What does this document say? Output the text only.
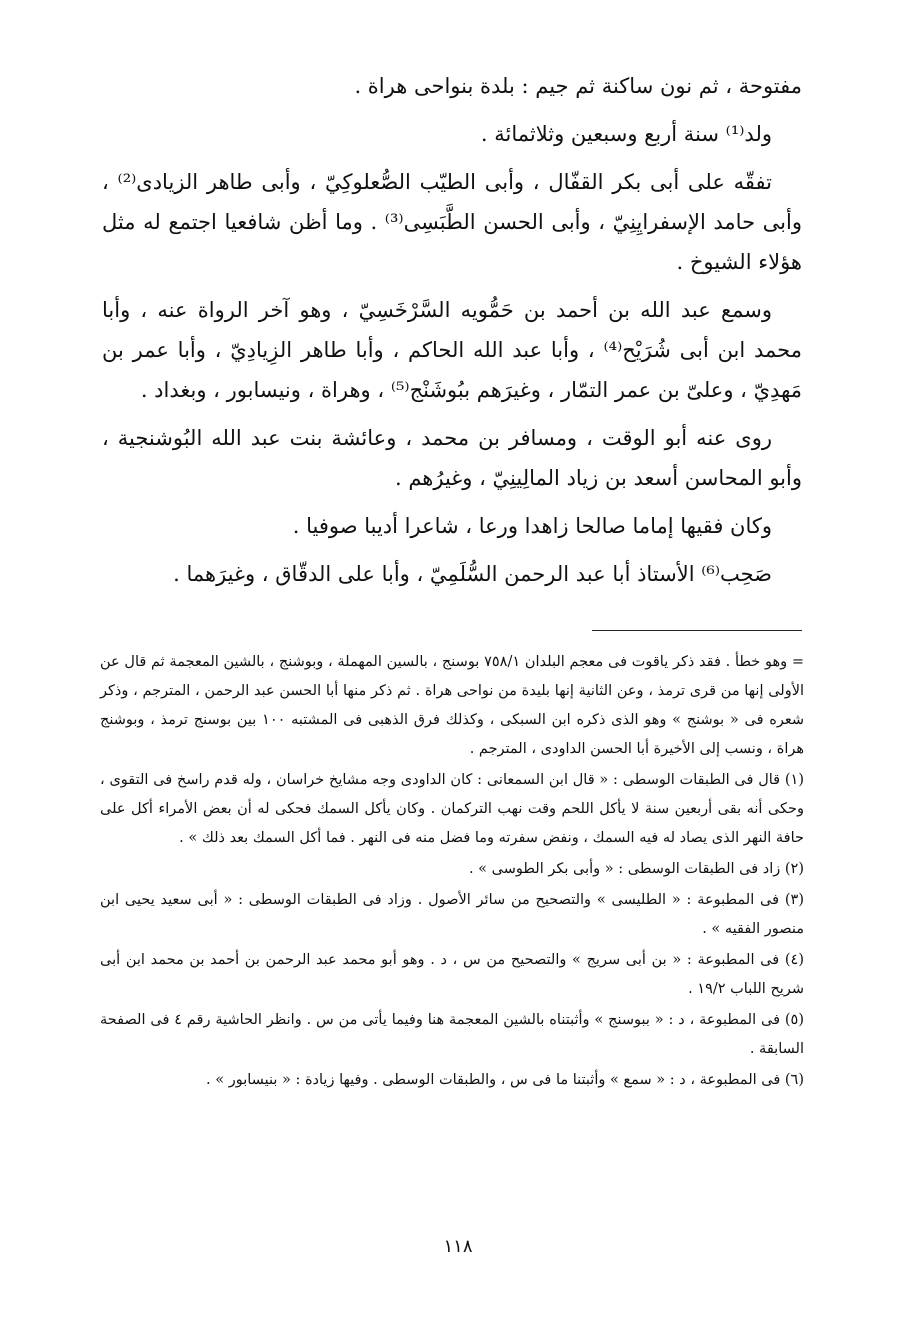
مفتوحة ، ثم نون ساكنة ثم جيم : بلدة بنواحى هراة .

ولد⁽¹⁾ سنة أربع وسبعين وثلاثمائة .

تفقّه على أبى بكر القفّال ، وأبى الطيّب الصُّعلوكِيّ ، وأبى طاهر الزيادى⁽²⁾ ، وأبى حامد الإسفرايِنِيّ ، وأبى الحسن الطَّبَسِى⁽³⁾ . وما أظن شافعيا اجتمع له مثل هؤلاء الشيوخ .

وسمع عبد الله بن أحمد بن حَمُّويه السَّرْخَسِيّ ، وهو آخر الرواة عنه ، وأبا محمد ابن أبى شُرَيْح⁽⁴⁾ ، وأبا عبد الله الحاكم ، وأبا طاهر الزِيادِيّ ، وأبا عمر بن مَهدِيّ ، وعلىّ بن عمر التمّار ، وغيرَهم ببُوشَنْج⁽⁵⁾ ، وهراة ، ونيسابور ، وبغداد .

روى عنه أبو الوقت ، ومسافر بن محمد ، وعائشة بنت عبد الله البُوشنجية ، وأبو المحاسن أسعد بن زياد المالِينِيّ ، وغيرُهم .

وكان فقيها إماما صالحا زاهدا ورعا ، شاعرا أديبا صوفيا .

صَحِب⁽⁶⁾ الأستاذ أبا عبد الرحمن السُّلَمِيّ ، وأبا على الدقّاق ، وغيرَهما .

= وهو خطأ . فقد ذكر ياقوت فى معجم البلدان ٧٥٨/١ بوسنج ، بالسين المهملة ، وبوشنج ، بالشين المعجمة ثم قال عن الأولى إنها من قرى ترمذ ، وعن الثانية إنها بليدة من نواحى هراة . ثم ذكر منها أبا الحسن عبد الرحمن ، المترجم ، وذكر شعره فى « بوشنج » وهو الذى ذكره ابن السبكى ، وكذلك فرق الذهبى فى المشتبه ١٠٠ بين بوسنج ترمذ ، وبوشنج هراة ، ونسب إلى الأخيرة أبا الحسن الداودى ، المترجم .

(١) قال فى الطبقات الوسطى : « قال ابن السمعانى : كان الداودى وجه مشايخ خراسان ، وله قدم راسخ فى التقوى ، وحكى أنه بقى أربعين سنة لا يأكل اللحم وقت نهب التركمان . وكان يأكل السمك فحكى له أن بعض الأمراء أكل على حافة النهر الذى يصاد له فيه السمك ، ونفض سفرته وما فضل منه فى النهر . فما أكل السمك بعد ذلك » .

(٢) زاد فى الطبقات الوسطى : « وأبى بكر الطوسى » .

(٣) فى المطبوعة : « الطليسى » والتصحيح من سائر الأصول . وزاد فى الطبقات الوسطى : « أبى سعيد يحيى ابن منصور الفقيه » .

(٤) فى المطبوعة : « بن أبى سريج » والتصحيح من س ، د . وهو أبو محمد عبد الرحمن بن أحمد بن محمد ابن أبى شريح اللباب ١٩/٢ .

(٥) فى المطبوعة ، د : « ببوسنج » وأثبتناه بالشين المعجمة هنا وفيما يأتى من س . وانظر الحاشية رقم ٤ فى الصفحة السابقة .

(٦) فى المطبوعة ، د : « سمع » وأثبتنا ما فى س ، والطبقات الوسطى . وفيها زيادة : « بنيسابور » .

١١٨
